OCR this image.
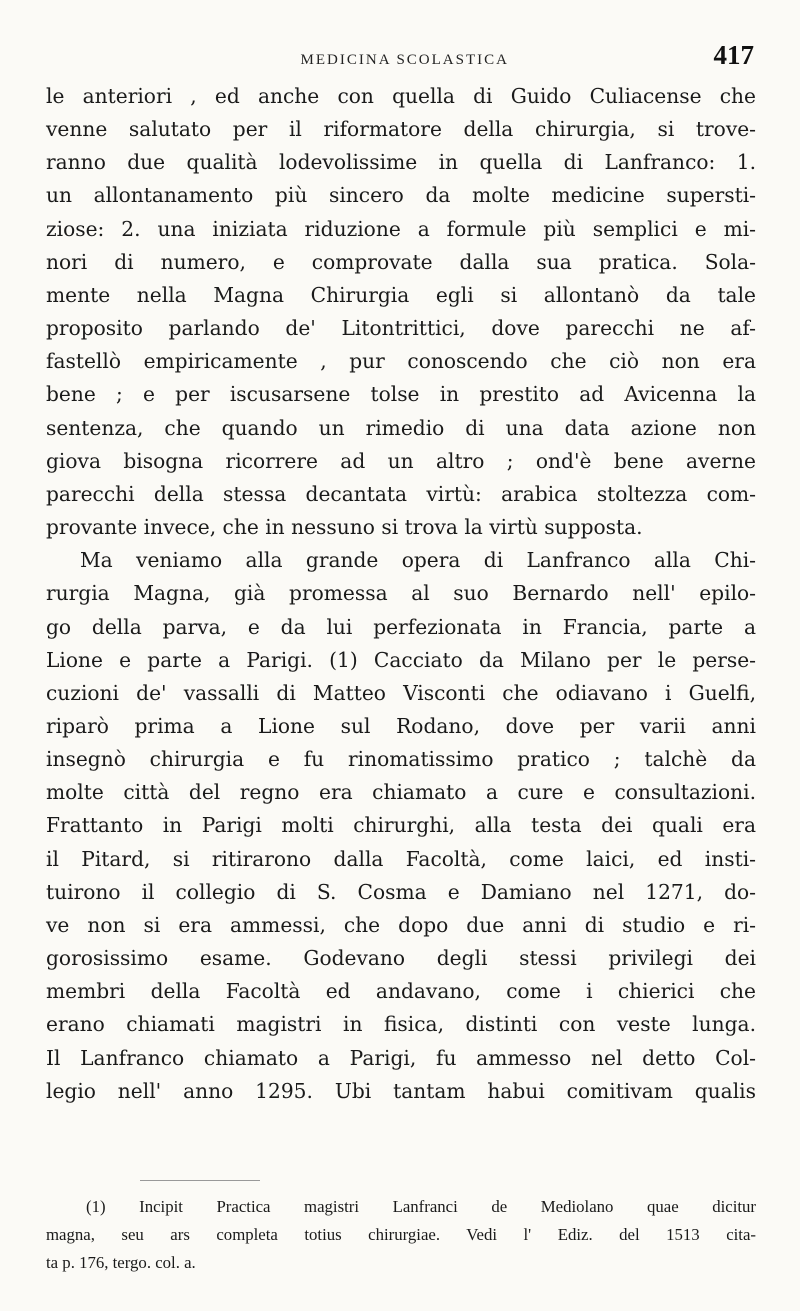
MEDICINA SCOLASTICA	417
le anteriori , ed anche con quella di Guido Culiacense che
venne salutato per il riformatore della chirurgia, si trove-
ranno due qualità lodevolissime in quella di Lanfranco: 1.
un allontanamento più sincero da molte medicine supersti-
ziose: 2. una iniziata riduzione a formule più semplici e mi-
nori di numero, e comprovate dalla sua pratica. Sola-
mente nella Magna Chirurgia egli si allontanò da tale
proposito parlando de' Litontrittici, dove parecchi ne af-
fastellò empiricamente , pur conoscendo che ciò non era
bene ; e per iscusarsene tolse in prestito ad Avicenna la
sentenza, che quando un rimedio di una data azione non
giova bisogna ricorrere ad un altro ; ond'è bene averne
parecchi della stessa decantata virtù: arabica stoltezza com-
provante invece, che in nessuno si trova la virtù supposta.
Ma veniamo alla grande opera di Lanfranco alla Chi-
rurgia Magna, già promessa al suo Bernardo nell' epilo-
go della parva, e da lui perfezionata in Francia, parte a
Lione e parte a Parigi. (1) Cacciato da Milano per le perse-
cuzioni de' vassalli di Matteo Visconti che odiavano i Guelfi,
riparò prima a Lione sul Rodano, dove per varii anni
insegnò chirurgia e fu rinomatissimo pratico ; talchè da
molte città del regno era chiamato a cure e consultazioni.
Frattanto in Parigi molti chirurghi, alla testa dei quali era
il Pitard, si ritirarono dalla Facoltà, come laici, ed insti-
tuirono il collegio di S. Cosma e Damiano nel 1271, do-
ve non si era ammessi, che dopo due anni di studio e ri-
gorosissimo esame. Godevano degli stessi privilegi dei
membri della Facoltà ed andavano, come i chierici che
erano chiamati magistri in fisica, distinti con veste lunga.
Il Lanfranco chiamato a Parigi, fu ammesso nel detto Col-
legio nell' anno 1295. Ubi tantam habui comitivam qualis
(1) Incipit Practica magistri Lanfranci de Mediolano quae dicitur
magna, seu ars completa totius chirurgiae. Vedi l' Ediz. del 1513 cita-
ta p. 176, tergo. col. a.
